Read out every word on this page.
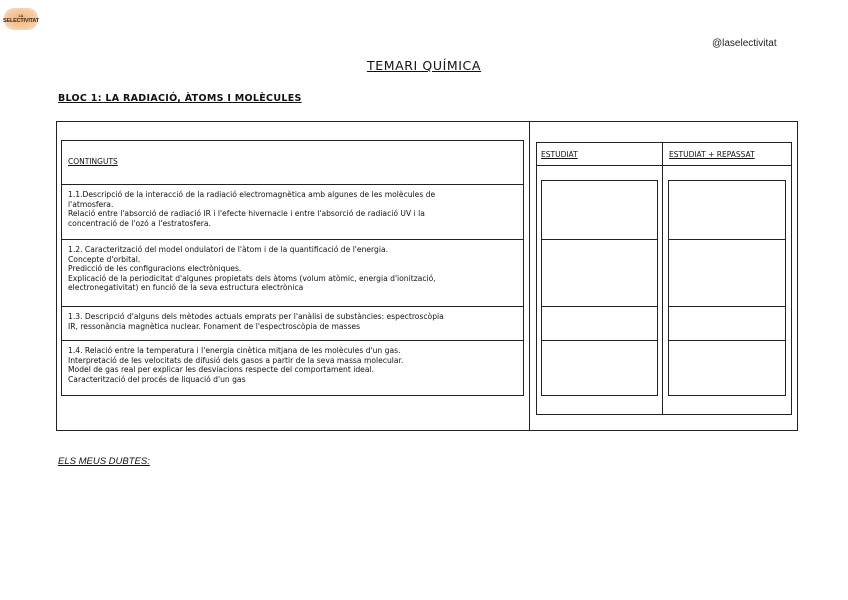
LA
SELECTIVITAT
@laselectivitat
TEMARI QUÍMICA
BLOC 1: LA RADIACIÓ, ÀTOMS I MOLÈCULES
CONTINGUTS
1.1.Descripció de la interacció de la radiació electromagnètica amb algunes de les molècules de
l'atmosfera.
Relació entre l'absorció de radiació IR i l'efecte hivernacle i entre l'absorció de radiació UV i la
concentració de l'ozó a l'estratosfera.
1.2. Caracterització del model ondulatori de l'àtom i de la quantificació de l'energia.
Concepte d'orbital.
Predicció de les configuracions electròniques.
Explicació de la periodicitat d'algunes propietats dels àtoms (volum atòmic, energia d'ionització,
electronegativitat) en funció de la seva estructura electrònica
1.3. Descripció d'alguns dels mètodes actuals emprats per l'anàlisi de substàncies: espectroscòpia
IR, ressonància magnètica nuclear. Fonament de l'espectroscòpia de masses
1.4. Relació entre la temperatura i l'energia cinètica mitjana de les molècules d'un gas.
Interpretació de les velocitats de difusió dels gasos a partir de la seva massa molecular.
Model de gas real per explicar les desviacions respecte del comportament ideal.
Caracterització del procés de liquació d'un gas
ESTUDIAT	ESTUDIAT + REPASSAT
ELS MEUS DUBTES:
